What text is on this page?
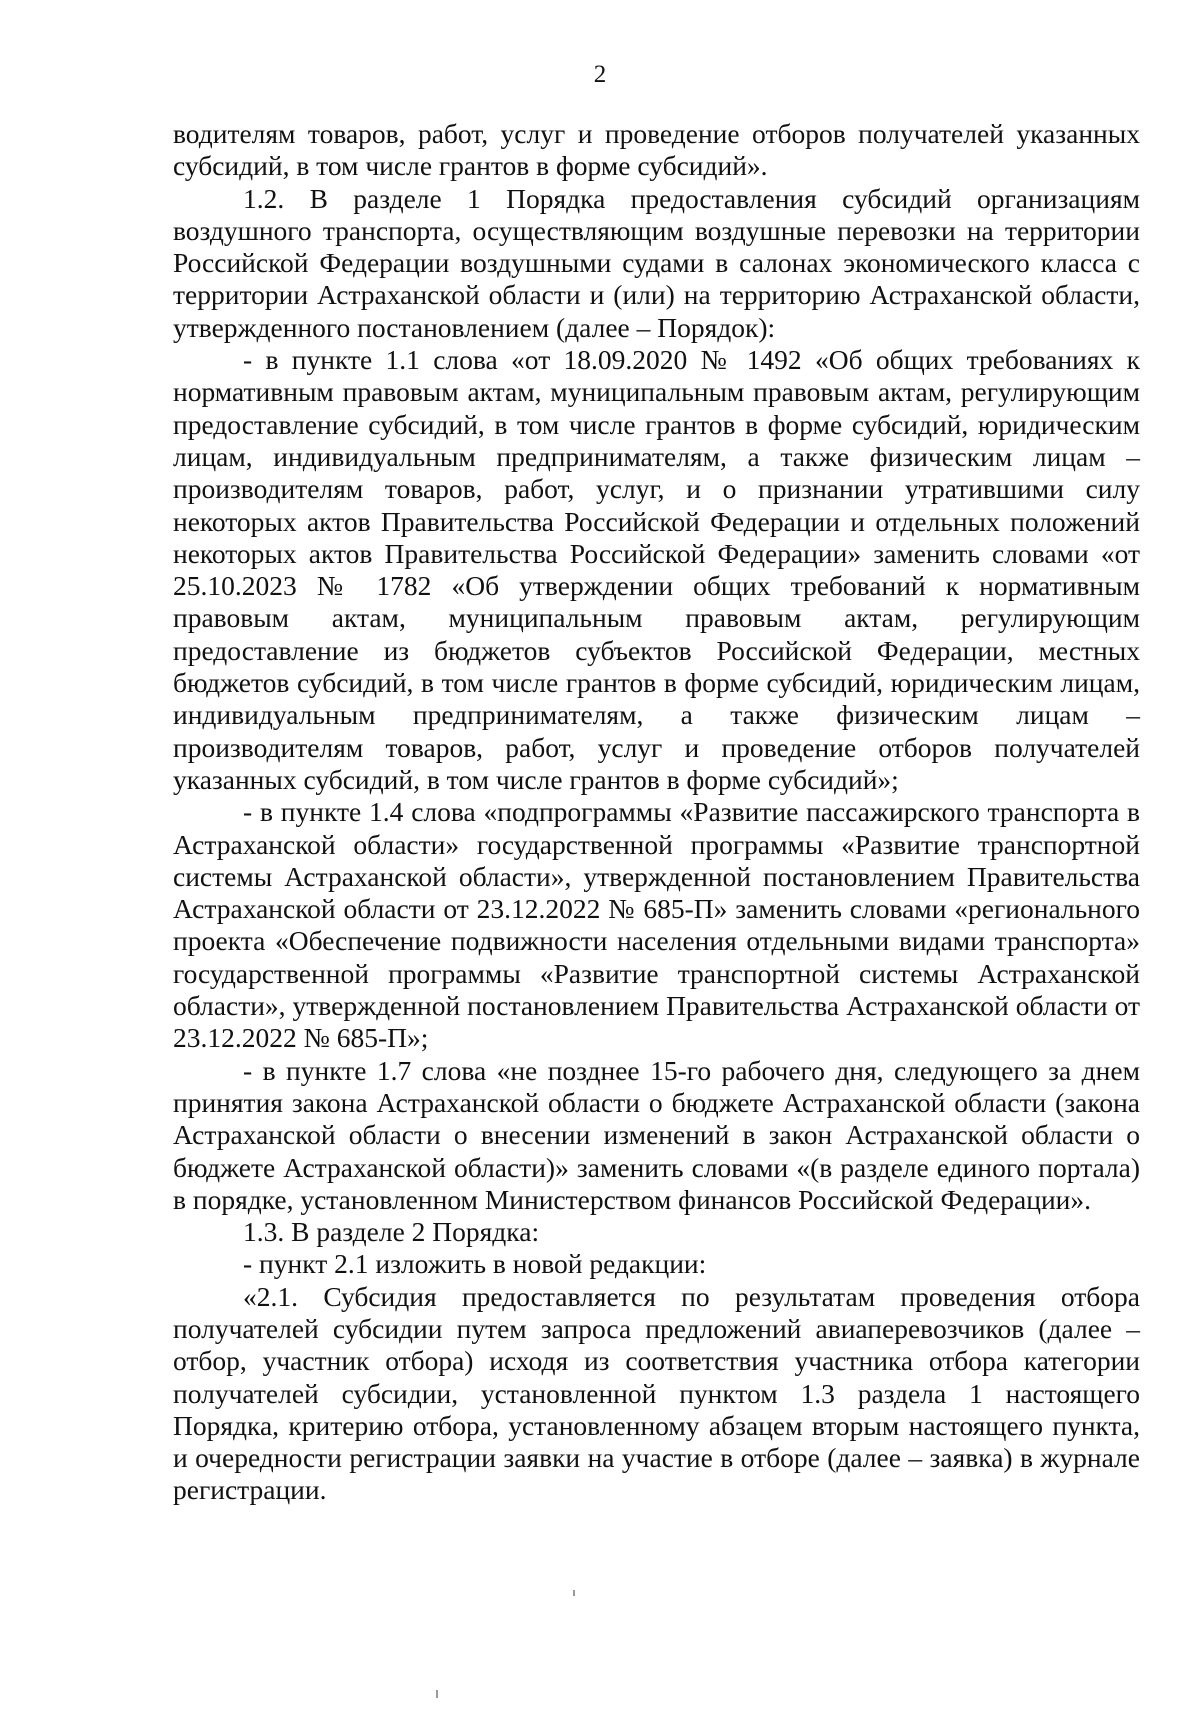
2

водителям товаров, работ, услуг и проведение отборов получателей указанных субсидий, в том числе грантов в форме субсидий».

1.2. В разделе 1 Порядка предоставления субсидий организациям воздушного транспорта, осуществляющим воздушные перевозки на территории Российской Федерации воздушными судами в салонах экономического класса с территории Астраханской области и (или) на территорию Астраханской области, утвержденного постановлением (далее – Порядок):

- в пункте 1.1 слова «от 18.09.2020 № 1492 «Об общих требованиях к нормативным правовым актам, муниципальным правовым актам, регулирующим предоставление субсидий, в том числе грантов в форме субсидий, юридическим лицам, индивидуальным предпринимателям, а также физическим лицам – производителям товаров, работ, услуг, и о признании утратившими силу некоторых актов Правительства Российской Федерации и отдельных положений некоторых актов Правительства Российской Федерации» заменить словами «от 25.10.2023 № 1782 «Об утверждении общих требований к нормативным правовым актам, муниципальным правовым актам, регулирующим предоставление из бюджетов субъектов Российской Федерации, местных бюджетов субсидий, в том числе грантов в форме субсидий, юридическим лицам, индивидуальным предпринимателям, а также физическим лицам – производителям товаров, работ, услуг и проведение отборов получателей указанных субсидий, в том числе грантов в форме субсидий»;

- в пункте 1.4 слова «подпрограммы «Развитие пассажирского транспорта в Астраханской области» государственной программы «Развитие транспортной системы Астраханской области», утвержденной постановлением Правительства Астраханской области от 23.12.2022 № 685-П» заменить словами «регионального проекта «Обеспечение подвижности населения отдельными видами транспорта» государственной программы «Развитие транспортной системы Астраханской области», утвержденной постановлением Правительства Астраханской области от 23.12.2022 № 685-П»;

- в пункте 1.7 слова «не позднее 15-го рабочего дня, следующего за днем принятия закона Астраханской области о бюджете Астраханской области (закона Астраханской области о внесении изменений в закон Астраханской области о бюджете Астраханской области)» заменить словами «(в разделе единого портала) в порядке, установленном Министерством финансов Российской Федерации».

1.3. В разделе 2 Порядка:

- пункт 2.1 изложить в новой редакции:

«2.1. Субсидия предоставляется по результатам проведения отбора получателей субсидии путем запроса предложений авиаперевозчиков (далее – отбор, участник отбора) исходя из соответствия участника отбора категории получателей субсидии, установленной пунктом 1.3 раздела 1 настоящего Порядка, критерию отбора, установленному абзацем вторым настоящего пункта, и очередности регистрации заявки на участие в отборе (далее – заявка) в журнале регистрации.
